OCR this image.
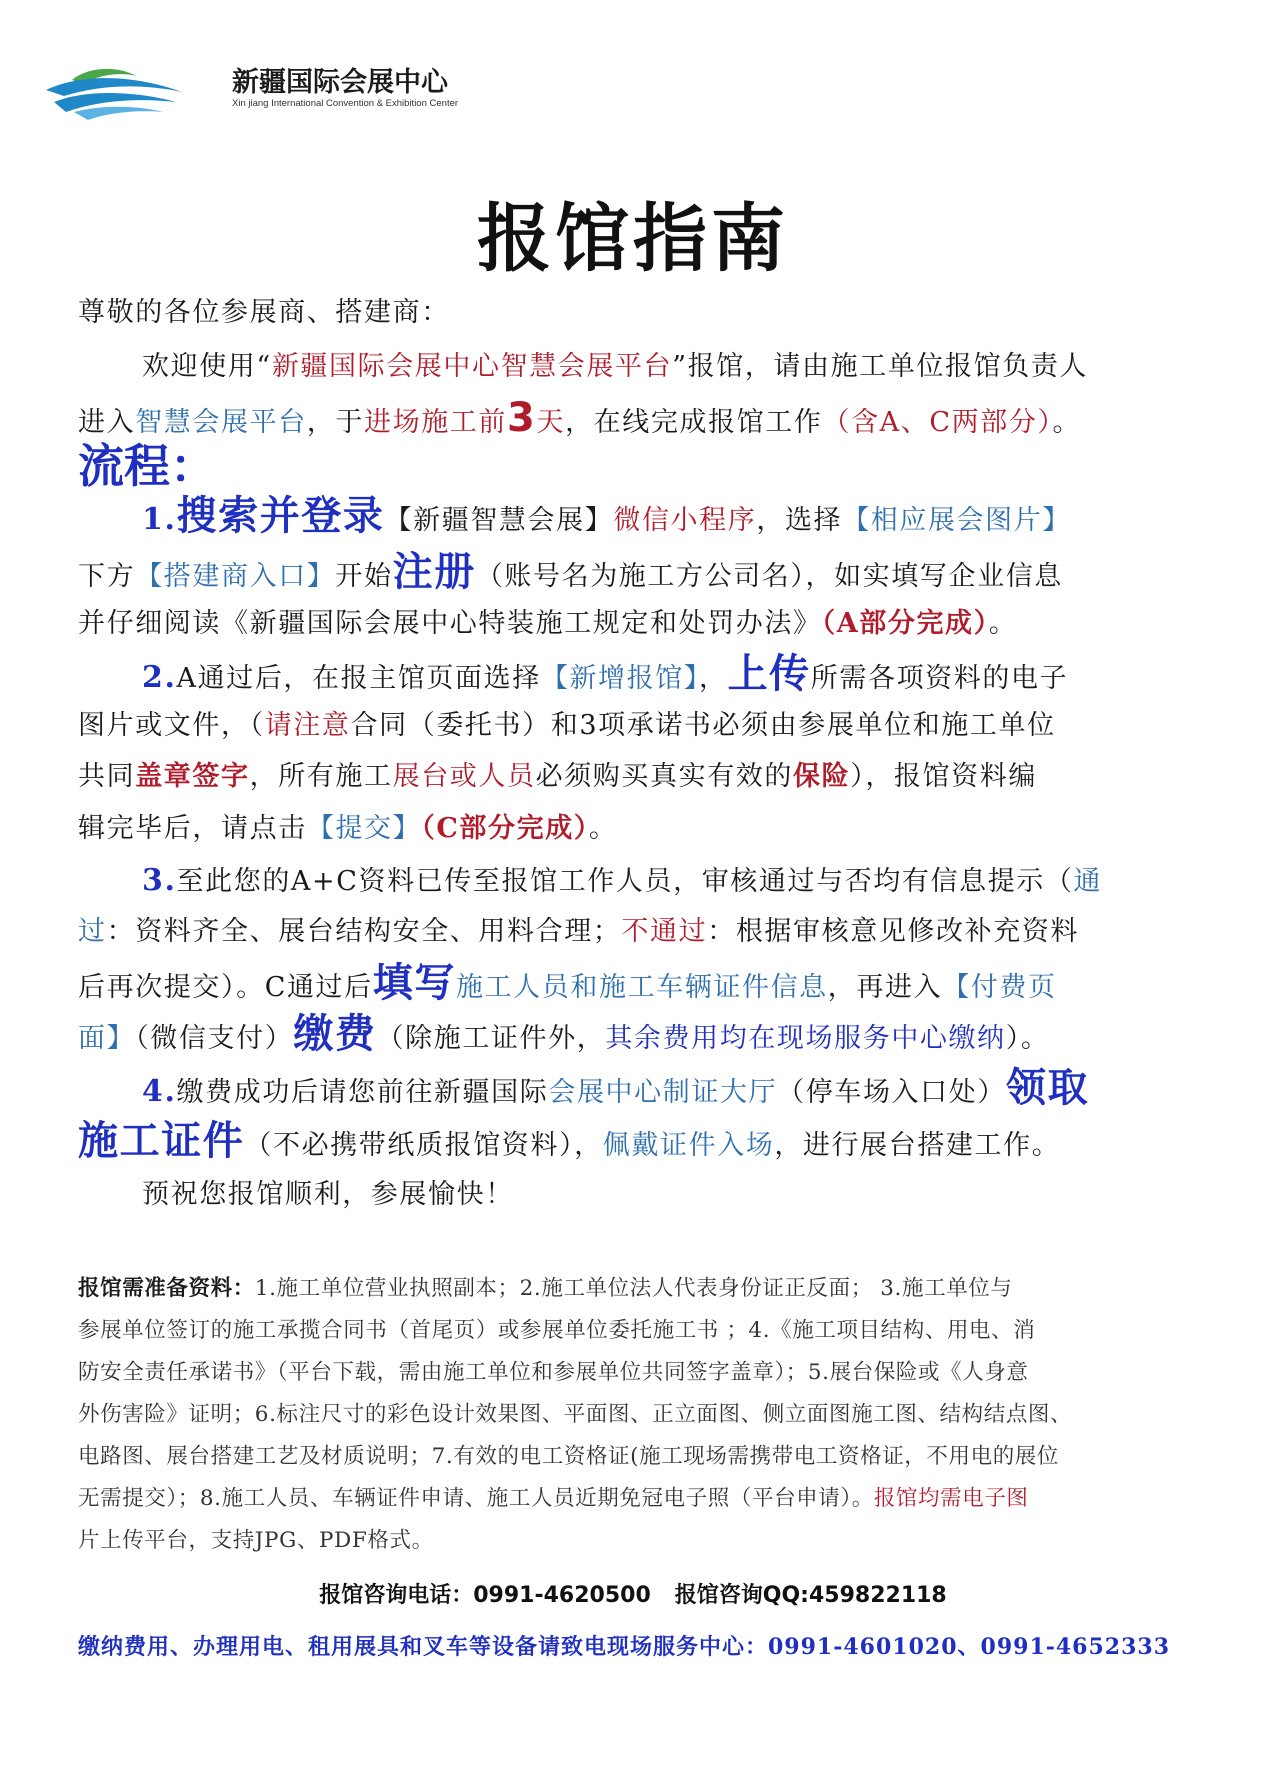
新疆国际会展中心
Xin jiang International Convention & Exhibition Center
报馆指南
尊敬的各位参展商、搭建商：
欢迎使用“新疆国际会展中心智慧会展平台”报馆，请由施工单位报馆负责人
进入智慧会展平台，于进场施工前3天，在线完成报馆工作（含A、C两部分）。
流程：
1.搜索并登录【新疆智慧会展】微信小程序，选择【相应展会图片】
下方【搭建商入口】开始注册（账号名为施工方公司名），如实填写企业信息
并仔细阅读《新疆国际会展中心特装施工规定和处罚办法》（A部分完成）。
2.A通过后，在报主馆页面选择【新增报馆】，上传所需各项资料的电子
图片或文件，（请注意合同（委托书）和3项承诺书必须由参展单位和施工单位
共同盖章签字，所有施工展台或人员必须购买真实有效的保险），报馆资料编
辑完毕后，请点击【提交】（C部分完成）。
3.至此您的A+C资料已传至报馆工作人员，审核通过与否均有信息提示（通
过：资料齐全、展台结构安全、用料合理；不通过：根据审核意见修改补充资料
后再次提交）。C通过后填写施工人员和施工车辆证件信息，再进入【付费页
面】（微信支付）缴费（除施工证件外，其余费用均在现场服务中心缴纳）。
4.缴费成功后请您前往新疆国际会展中心制证大厅（停车场入口处）领取
施工证件（不必携带纸质报馆资料），佩戴证件入场，进行展台搭建工作。
预祝您报馆顺利，参展愉快！
报馆需准备资料：1.施工单位营业执照副本；2.施工单位法人代表身份证正反面； 3.施工单位与
参展单位签订的施工承揽合同书（首尾页）或参展单位委托施工书 ；4.《施工项目结构、用电、消
防安全责任承诺书》（平台下载，需由施工单位和参展单位共同签字盖章）；5.展台保险或《人身意
外伤害险》证明；6.标注尺寸的彩色设计效果图、平面图、正立面图、侧立面图施工图、结构结点图、
电路图、展台搭建工艺及材质说明；7.有效的电工资格证(施工现场需携带电工资格证，不用电的展位
无需提交）；8.施工人员、车辆证件申请、施工人员近期免冠电子照（平台申请）。报馆均需电子图
片上传平台，支持JPG、PDF格式。
报馆咨询电话：0991-4620500 报馆咨询QQ:459822118
缴纳费用、办理用电、租用展具和叉车等设备请致电现场服务中心：0991-4601020、0991-4652333
